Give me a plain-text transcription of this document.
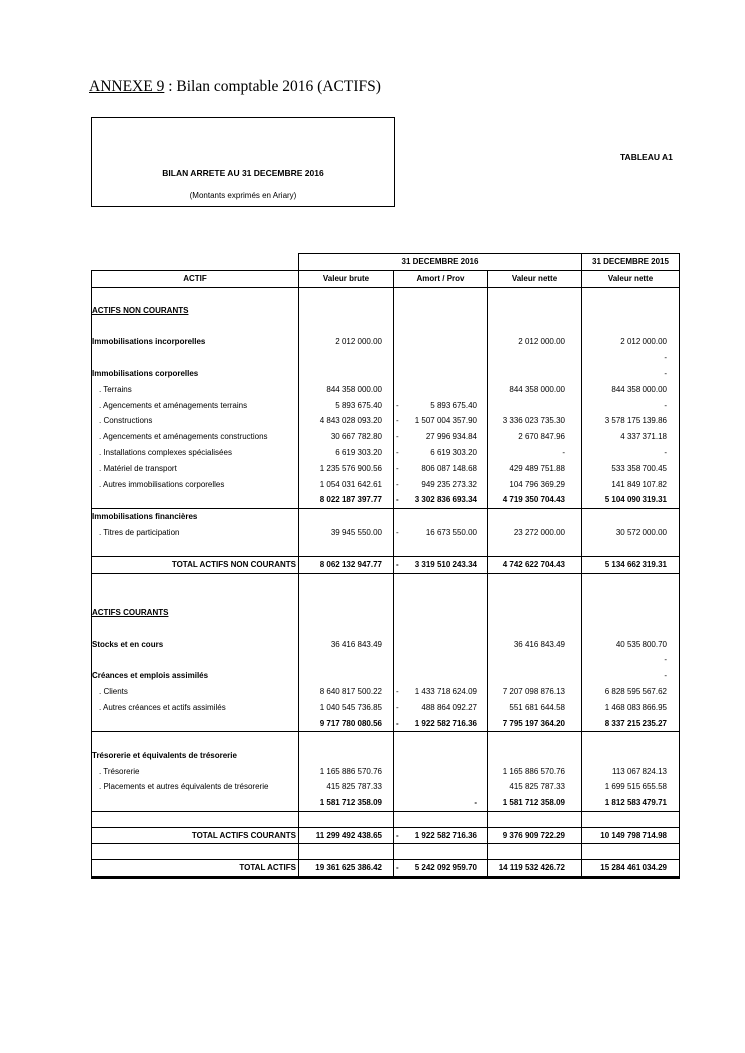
ANNEXE 9 : Bilan comptable 2016 (ACTIFS)
BILAN ARRETE AU 31 DECEMBRE 2016
(Montants exprimés en Ariary)
TABLEAU A1
	31 DECEMBRE 2016			31 DECEMBRE 2015
ACTIF	Valeur brute	Amort / Prov	Valeur nette	Valeur nette

ACTIFS NON COURANTS				

Immobilisations incorporelles	2 012 000.00		2 012 000.00	2 012 000.00
				-
Immobilisations corporelles				-
. Terrains	844 358 000.00		844 358 000.00	844 358 000.00
. Agencements et aménagements terrains	5 893 675.40	- 5 893 675.40		-
. Constructions	4 843 028 093.20	- 1 507 004 357.90	3 336 023 735.30	3 578 175 139.86
. Agencements et aménagements constructions	30 667 782.80	- 27 996 934.84	2 670 847.96	4 337 371.18
. Installations complexes spécialisées	6 619 303.20	- 6 619 303.20	-	-
. Matériel de transport	1 235 576 900.56	- 806 087 148.68	429 489 751.88	533 358 700.45
. Autres immobilisations corporelles	1 054 031 642.61	- 949 235 273.32	104 796 369.29	141 849 107.82
	8 022 187 397.77	- 3 302 836 693.34	4 719 350 704.43	5 104 090 319.31
Immobilisations financières				
. Titres de participation	39 945 550.00	- 16 673 550.00	23 272 000.00	30 572 000.00

TOTAL ACTIFS NON COURANTS	8 062 132 947.77	- 3 319 510 243.34	4 742 622 704.43	5 134 662 319.31

ACTIFS COURANTS				

Stocks et en cours	36 416 843.49		36 416 843.49	40 535 800.70
				-
Créances et emplois assimilés				-
. Clients	8 640 817 500.22	- 1 433 718 624.09	7 207 098 876.13	6 828 595 567.62
. Autres créances et actifs assimilés	1 040 545 736.85	- 488 864 092.27	551 681 644.58	1 468 083 866.95
	9 717 780 080.56	- 1 922 582 716.36	7 795 197 364.20	8 337 215 235.27

Trésorerie et équivalents de trésorerie				
. Trésorerie	1 165 886 570.76		1 165 886 570.76	113 067 824.13
. Placements et autres équivalents de trésorerie	415 825 787.33		415 825 787.33	1 699 515 655.58
	1 581 712 358.09	-	1 581 712 358.09	1 812 583 479.71

TOTAL ACTIFS COURANTS	11 299 492 438.65	- 1 922 582 716.36	9 376 909 722.29	10 149 798 714.98

TOTAL ACTIFS	19 361 625 386.42	- 5 242 092 959.70	14 119 532 426.72	15 284 461 034.29
